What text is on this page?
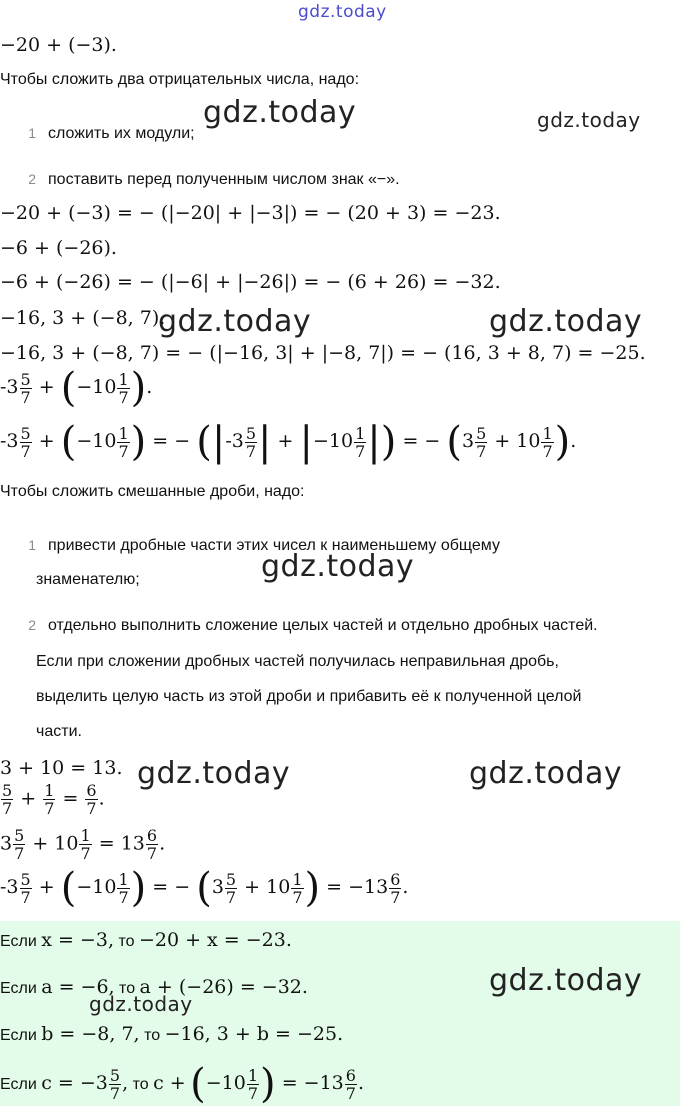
gdz.today
gdz.today	gdz.today
gdz.today	gdz.today
gdz.today
gdz.today	gdz.today
−20 + (−3).
Чтобы сложить два отрицательных числа, надо:
1 сложить их модули;
2 поставить перед полученным числом знак «−».
−20 + (−3) = − (|−20| + |−3|) = − (20 + 3) = −23.
−6 + (−26).
−6 + (−26) = − (|−6| + |−26|) = − (6 + 26) = −32.
−16, 3 + (−8, 7).
−16, 3 + (−8, 7) = − (|−16, 3| + |−8, 7|) = − (16, 3 + 8, 7) = −25.
$-3 \frac{5}{7} + (-10 \frac{1}{7}$ ).
$-3 \frac{5}{7} + (-10 \frac{1}{7}$ ) = − ($|-3 \frac{5}{7}$ | + $|-10 \frac{1}{7}$ |) = − ($3 \frac{5}{7} + 10 \frac{1}{7}$ ).
Чтобы сложить смешанные дроби, надо:
1 привести дробные части этих чисел к наименьшему общему
знаменателю;
2 отдельно выполнить сложение целых частей и отдельно дробных частей.
Если при сложении дробных частей получилась неправильная дробь,
выделить целую часть из этой дроби и прибавить её к полученной целой
части.
3 + 10 = 13.
$\frac{5}{7} + \frac{1}{7} = \frac{6}{7}$ .
$3 \frac{5}{7} + 10 \frac{1}{7} = 13 \frac{6}{7}$ .
$-3 \frac{5}{7} + (-10 \frac{1}{7}$ ) = − ($3 \frac{5}{7} + 10 \frac{1}{7}$ ) = $-13 \frac{6}{7}$ .
Если x = −3, то −20 + x = −23.
Если a = −6, то a + (−26) = −32.
Если b = −8, 7, то −16, 3 + b = −25.
Если $c = -3 \frac{5}{7}$ , то $c + (-10 \frac{1}{7}$ ) = $-13 \frac{6}{7}$ .
gdz.today
gdz.today
